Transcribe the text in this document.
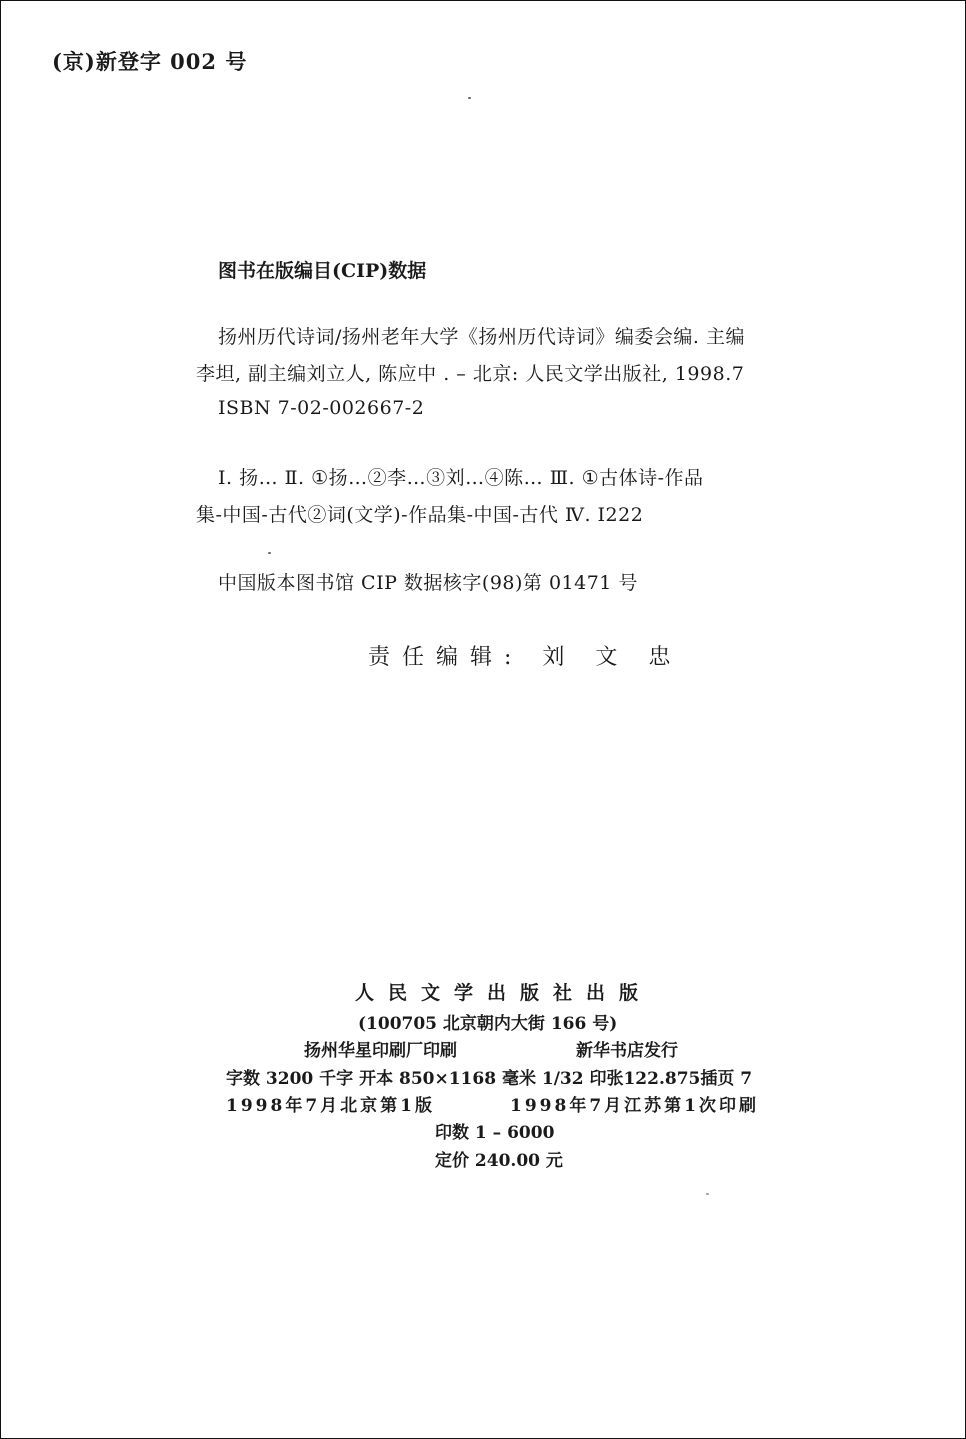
(京)新登字 002 号
图书在版编目(CIP)数据
扬州历代诗词/扬州老年大学《扬州历代诗词》编委会编. 主编
李坦, 副主编刘立人, 陈应中 . – 北京: 人民文学出版社, 1998.7
ISBN 7-02-002667-2
Ⅰ. 扬… Ⅱ. ①扬…②李…③刘…④陈… Ⅲ. ①古体诗-作品
集-中国-古代②词(文学)-作品集-中国-古代 Ⅳ. I222
中国版本图书馆 CIP 数据核字(98)第 01471 号
责任编辑: 刘 文 忠
人民文学出版社出版
(100705 北京朝内大街 166 号)
扬州华星印刷厂印刷	新华书店发行
字数 3200 千字 开本 850×1168 毫米 1/32 印张122.875插页 7
1998年7月北京第1版	1998年7月江苏第1次印刷
印数 1 – 6000
定价 240.00 元
